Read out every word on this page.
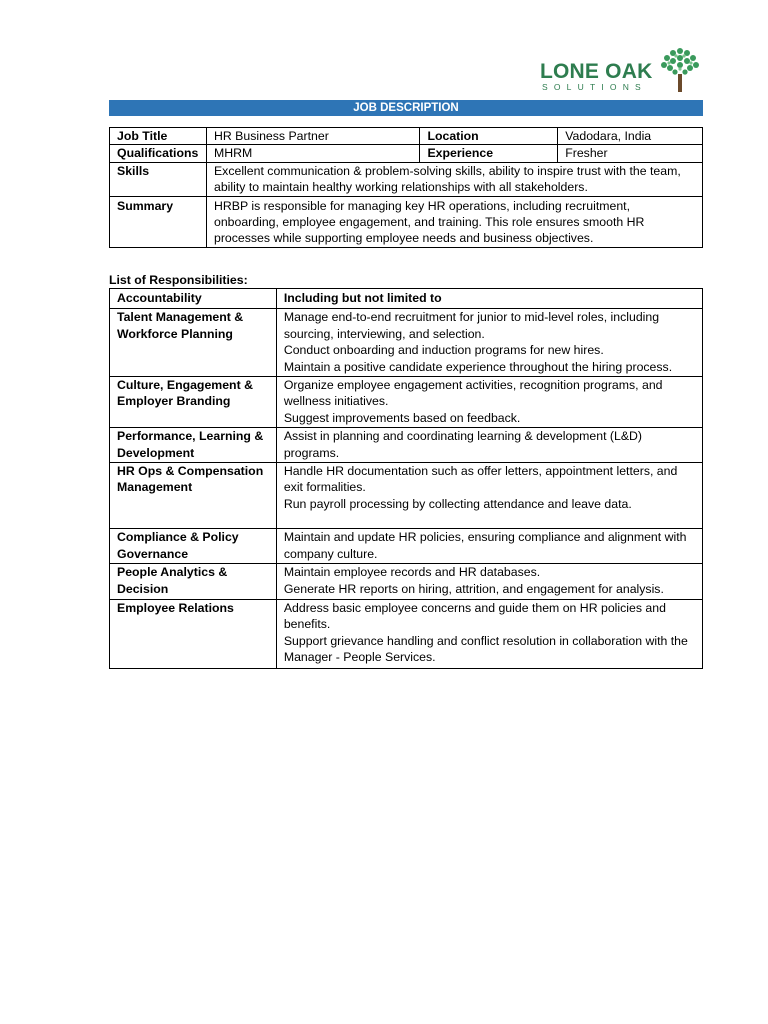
LONE OAK
SOLUTIONS
JOB DESCRIPTION
Job Title	HR Business Partner	Location	Vadodara, India
Qualifications	MHRM	Experience	Fresher
Skills	Excellent communication & problem-solving skills, ability to inspire trust with the team, ability to maintain healthy working relationships with all stakeholders.		
Summary	HRBP is responsible for managing key HR operations, including recruitment, onboarding, employee engagement, and training. This role ensures smooth HR processes while supporting employee needs and business objectives.		
List of Responsibilities:
Accountability	Including but not limited to
Talent Management & Workforce Planning	Manage end-to-end recruitment for junior to mid-level roles, including sourcing, interviewing, and selection.
Conduct onboarding and induction programs for new hires.
Maintain a positive candidate experience throughout the hiring process.

Culture, Engagement & Employer Branding	Organize employee engagement activities, recognition programs, and wellness initiatives.
Suggest improvements based on feedback.

Performance, Learning & Development	Assist in planning and coordinating learning & development (L&D) programs.

HR Ops & Compensation Management	Handle HR documentation such as offer letters, appointment letters, and exit formalities.
Run payroll processing by collecting attendance and leave data.

Compliance & Policy Governance	Maintain and update HR policies, ensuring compliance and alignment with company culture.

People Analytics & Decision	Maintain employee records and HR databases.
Generate HR reports on hiring, attrition, and engagement for analysis.

Employee Relations	Address basic employee concerns and guide them on HR policies and benefits.
Support grievance handling and conflict resolution in collaboration with the Manager - People Services.
